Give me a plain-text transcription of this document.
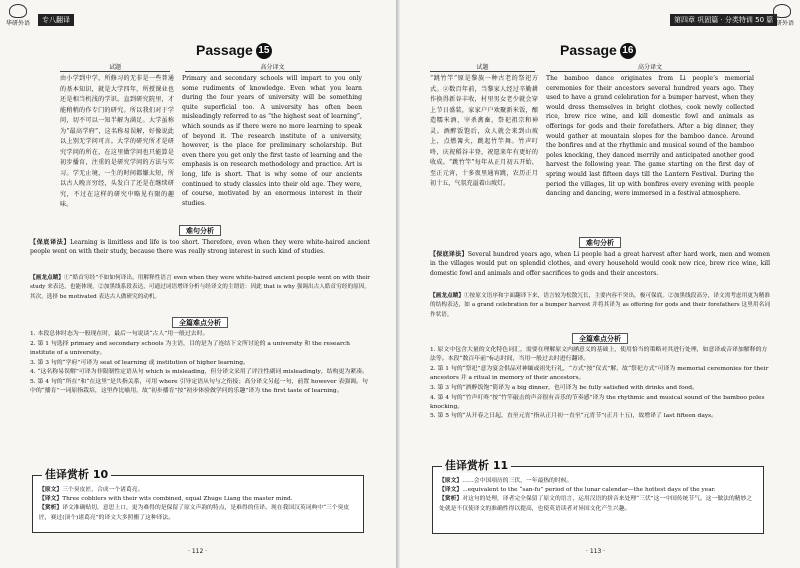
华研外语	专八翻译
Passage 15
试题	高分译文
由小学到中学，所修习的无非是一些普通的基本知识，就是大学四年，所授课业也还是相当机浅的学识。直到研究院里，才能稍稍的作专门的研究。所以我们对于学问，切不可以一知半解为满足。大学虽称为“最高学府”，这名称易误解，好像说此以上别无学问可言。大学的研究所才是研究学问的所在，在这里做学问也只能算是初步播育，注重的是研究学问的方法与实习。学无止境，一生的时间都嫌太短，所以古人晚言穷经，头发白了还是在继续研究，不过在这样的研究中略见有限的趣味。
Primary and secondary schools will impart to you only some rudiments of knowledge. Even what you learn during the four years of university will be something quite superficial too. A university has often been misleadingly referred to as “the highest seat of learning”, which sounds as if there were no more learning to speak of beyond it. The research institute of a university, however, is the place for preliminary scholarship. But even there you get only the first taste of learning and the emphasis is on research methodology and practice. Art is long, life is short. That is why some of our ancients continued to study classics into their old age. They were, of course, motivated by an enormous interest in their studies.
难句分析
【保底译法】Learning is limitless and life is too short. Therefore, even when they were white-haired ancient people went on with their study, because there was really strong interest in such kind of studies.
【画龙点睛】①“皓首穷经”不如如何译出，用解释性语言 even when they were white-haired ancient people went on with their study 来表达，也能体现。②加黑线系段表达，可通过词语增译分析与经译文的主谓语：因此 that is why 强调出古人皓首穷经的原因。其次，选择 be motivated 表达古人做研究的动机。
全篇难点分析
1. 本段总体时态为一般现在时，最后一句说谈“古人”用一般过去时。
2. 第 1 句选择 primary and secondary schools 为主语，目的是为了连结下文所讨论的 a university 和 the research institute of a university。
3. 第 3 句的“学府”可译为 seat of learning 或 institution of higher learning。
4. “这名称易误解”可译为非限制性定语从句 which is misleading，但分译文采用了评注性副词 misleadingly，结构更为紧凑。
5. 第 4 句的“所在”和“在这里”是共指关系，可用 where 引导定语从句与之衔接；高分译文另起一句，前置 however 表强调。句中的“播育”一词原指栽培，这里作比喻用，故“初步播育”按“初步体验做学问的乐趣”译为 the first taste of learning。
【原文】三个臭皮匠，合成一个诸葛亮。
【译文】Three cobblers with their wits combined, equal Zhuge Liang the master mind.
【赏析】译文准确贴切，意思上口，更为难得的是保留了原文声韵的特点，是难得的佳译。现在我国汉英词典中“三个臭皮匠，赛过(顶个)诸葛亮”的译文大多照搬了这种译法。
佳译赏析 10
· 112 ·
第四章 巩固篇 · 分类特训 50 篇
华研外语
Passage 16
试题	高分译文
“跳竹竿”原是黎族一种古老的祭祀方式。②数百年前，当黎家人经过辛勤耕作换得新谷丰收，村里男女老少就会穿上节日盛装，家家户户欢聚新米饭，酿造糯米酒，宰杀禽畜，祭祀祖宗和神灵。酒醉饭饱后，众人就会来到山坡上，点燃篝火，跳起竹竿舞。竹声叮咚，庆祝稻谷丰登，祝愿来年有更好的收成。“跳竹竿”每年从正月初五开始，至正元宵，十多夜里通宵跳，农历正月初十五，气氛充溢着山坡灯。
The bamboo dance originates from Li people’s memorial ceremonies for their ancestors several hundred years ago. They used to have a grand celebration for a bumper harvest, when they would dress themselves in bright clothes, cook newly collected rice, brew rice wine, and kill domestic fowl and animals as offerings for gods and their forefathers. After a big dinner, they would gather at mountain slopes for the bamboo dance. Around the bonfires and at the rhythmic and musical sound of the bamboo poles knocking, they danced merrily and anticipated another good harvest the following year. The game starting on the first day of spring would last fifteen days till the Lantern Festival. During the period the villages, lit up with bonfires every evening with people dancing and dancing, were immersed in a festival atmosphere.
难句分析
【保底译法】Several hundred years ago, when Li people had a great harvest after hard work, men and women in the villages would put on splendid clothes, and every household would cook new rice, brew rice wine, kill domestic fowl and animals and offer sacrifices to gods and their ancestors.
【画龙点睛】①按原文语序和字面翻译下来，语言较为松散冗长，主要内容不突出，极可保底。②加黑线段高分，译文需考虑用更为精准的结构表达，如 a grand celebration for a bumper harvest 并将其译为 as offering for gods and their forefathers 这里用名词作状语。
全篇难点分析
1. 原文中包含大量的文化特色词汇，需要在理解原文内涵意义的基础上，使用恰当的策略对其进行处理，如意译或音译加解释的方法等。本段“数百年前”标志时间，当用一般过去时进行翻译。
2. 第 1 句的“祭祀”意为宴会供品对神缅或祖先行礼，“方式”按“仪式”解，故“祭祀方式”可译为 memorial ceremonies for their ancestors 并 a ritual in memory of their ancestors。
3. 第 3 句的“酒醉饭饱”简译为 a big dinner，也可译为 be fully satisfied with drinks and food。
4. 第 4 句的“竹声叮咚”按“竹竿敲击的声音很有音乐的节奏感”译为 the rhythmic and musical sound of the bamboo poles knocking。
5. 第 5 句的“从开春之日起，直至元宵”指从正月初一直至“元宵节”(正月十五)，故增译了 last fifteen days。
【原文】……会中国项历的三伏，一年最热的时候。
【译文】...equivalent to the “san-fu” period of the lunar calendar—the hottest days of the year.
【赏析】对这句的处理，译者完全保留了原文的语言，运用汉语的拼音来处理“三伏”这一中国传统节气。这一做法的精妙之处就是不仅使译文的准确性得以提高，也使英语读者对异国文化产生兴趣。
佳译赏析 11
· 113 ·
